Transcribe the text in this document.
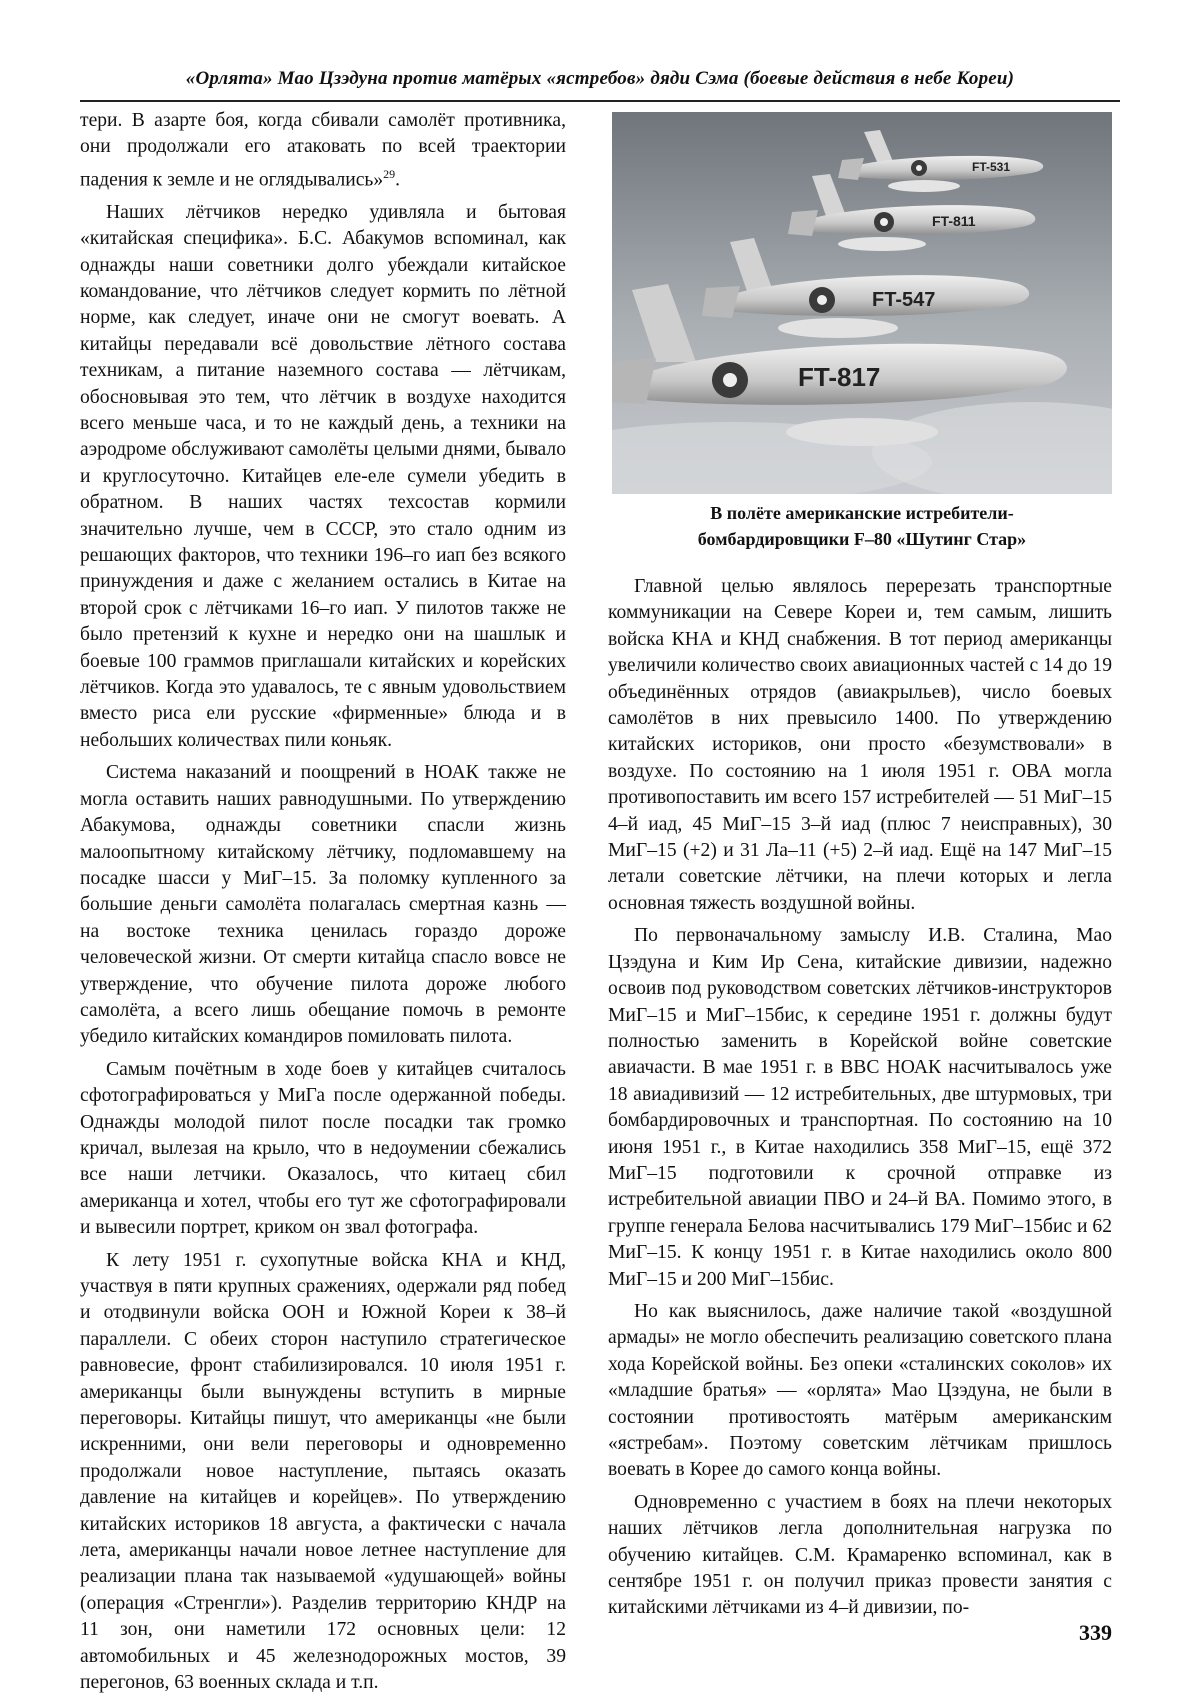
«Орлята» Мао Цзэдуна против матёрых «ястребов» дяди Сэма (боевые действия в небе Кореи)

тери. В азарте боя, когда сбивали самолёт противника, они продолжали его атаковать по всей траектории падения к земле и не оглядывались»$^{29}$.

Наших лётчиков нередко удивляла и бытовая «китайская специфика». Б.С. Абакумов вспоминал, как однажды наши советники долго убеждали китайское командование, что лётчиков следует кормить по лётной норме, как следует, иначе они не смогут воевать. А китайцы передавали всё довольствие лётного состава техникам, а питание наземного состава — лётчикам, обосновывая это тем, что лётчик в воздухе находится всего меньше часа, и то не каждый день, а техники на аэродроме обслуживают самолёты целыми днями, бывало и круглосуточно. Китайцев еле-еле сумели убедить в обратном. В наших частях техсостав кормили значительно лучше, чем в СССР, это стало одним из решающих факторов, что техники 196–го иап без всякого принуждения и даже с желанием остались в Китае на второй срок с лётчиками 16–го иап. У пилотов также не было претензий к кухне и нередко они на шашлык и боевые 100 граммов приглашали китайских и корейских лётчиков. Когда это удавалось, те с явным удовольствием вместо риса ели русские «фирменные» блюда и в небольших количествах пили коньяк.

Система наказаний и поощрений в НОАК также не могла оставить наших равнодушными. По утверждению Абакумова, однажды советники спасли жизнь малоопытному китайскому лётчику, подломавшему на посадке шасси у МиГ–15. За поломку купленного за большие деньги самолёта полагалась смертная казнь — на востоке техника ценилась гораздо дороже человеческой жизни. От смерти китайца спасло вовсе не утверждение, что обучение пилота дороже любого самолёта, а всего лишь обещание помочь в ремонте убедило китайских командиров помиловать пилота.

Самым почётным в ходе боев у китайцев считалось сфотографироваться у МиГа после одержанной победы. Однажды молодой пилот после посадки так громко кричал, вылезая на крыло, что в недоумении сбежались все наши летчики. Оказалось, что китаец сбил американца и хотел, чтобы его тут же сфотографировали и вывесили портрет, криком он звал фотографа.

К лету 1951 г. сухопутные войска КНА и КНД, участвуя в пяти крупных сражениях, одержали ряд побед и отодвинули войска ООН и Южной Кореи к 38–й параллели. С обеих сторон наступило стратегическое равновесие, фронт стабилизировался. 10 июля 1951 г. американцы были вынуждены вступить в мирные переговоры. Китайцы пишут, что американцы «не были искренними, они вели переговоры и одновременно продолжали новое наступление, пытаясь оказать давление на китайцев и корейцев». По утверждению китайских историков 18 августа, а фактически с начала лета, американцы начали новое летнее наступление для реализации плана так называемой «удушающей» войны (операция «Стренгли»). Разделив территорию КНДР на 11 зон, они наметили 172 основных цели: 12 автомобильных и 45 железнодорожных мостов, 39 перегонов, 63 военных склада и т.п.

FT-531
FT-811
FT-547
FT-817
В полёте американские истребители-
бомбардировщики F–80 «Шутинг Стар»

Главной целью являлось перерезать транспортные коммуникации на Севере Кореи и, тем самым, лишить войска КНА и КНД снабжения. В тот период американцы увеличили количество своих авиационных частей с 14 до 19 объединённых отрядов (авиакрыльев), число боевых самолётов в них превысило 1400. По утверждению китайских историков, они просто «безумствовали» в воздухе. По состоянию на 1 июля 1951 г. ОВА могла противопоставить им всего 157 истребителей — 51 МиГ–15 4–й иад, 45 МиГ–15 3–й иад (плюс 7 неисправных), 30 МиГ–15 (+2) и 31 Ла–11 (+5) 2–й иад. Ещё на 147 МиГ–15 летали советские лётчики, на плечи которых и легла основная тяжесть воздушной войны.

По первоначальному замыслу И.В. Сталина, Мао Цзэдуна и Ким Ир Сена, китайские дивизии, надежно освоив под руководством советских лётчиков-инструкторов МиГ–15 и МиГ–15бис, к середине 1951 г. должны будут полностью заменить в Корейской войне советские авиачасти. В мае 1951 г. в ВВС НОАК насчитывалось уже 18 авиадивизий — 12 истребительных, две штурмовых, три бомбардировочных и транспортная. По состоянию на 10 июня 1951 г., в Китае находились 358 МиГ–15, ещё 372 МиГ–15 подготовили к срочной отправке из истребительной авиации ПВО и 24–й ВА. Помимо этого, в группе генерала Белова насчитывались 179 МиГ–15бис и 62 МиГ–15. К концу 1951 г. в Китае находились около 800 МиГ–15 и 200 МиГ–15бис.

Но как выяснилось, даже наличие такой «воздушной армады» не могло обеспечить реализацию советского плана хода Корейской войны. Без опеки «сталинских соколов» их «младшие братья» — «орлята» Мао Цзэдуна, не были в состоянии противостоять матёрым американским «ястребам». Поэтому советским лётчикам пришлось воевать в Корее до самого конца войны.

Одновременно с участием в боях на плечи некоторых наших лётчиков легла дополнительная нагрузка по обучению китайцев. С.М. Крамаренко вспоминал, как в сентябре 1951 г. он получил приказ провести занятия с китайскими лётчиками из 4–й дивизии, по-

339
